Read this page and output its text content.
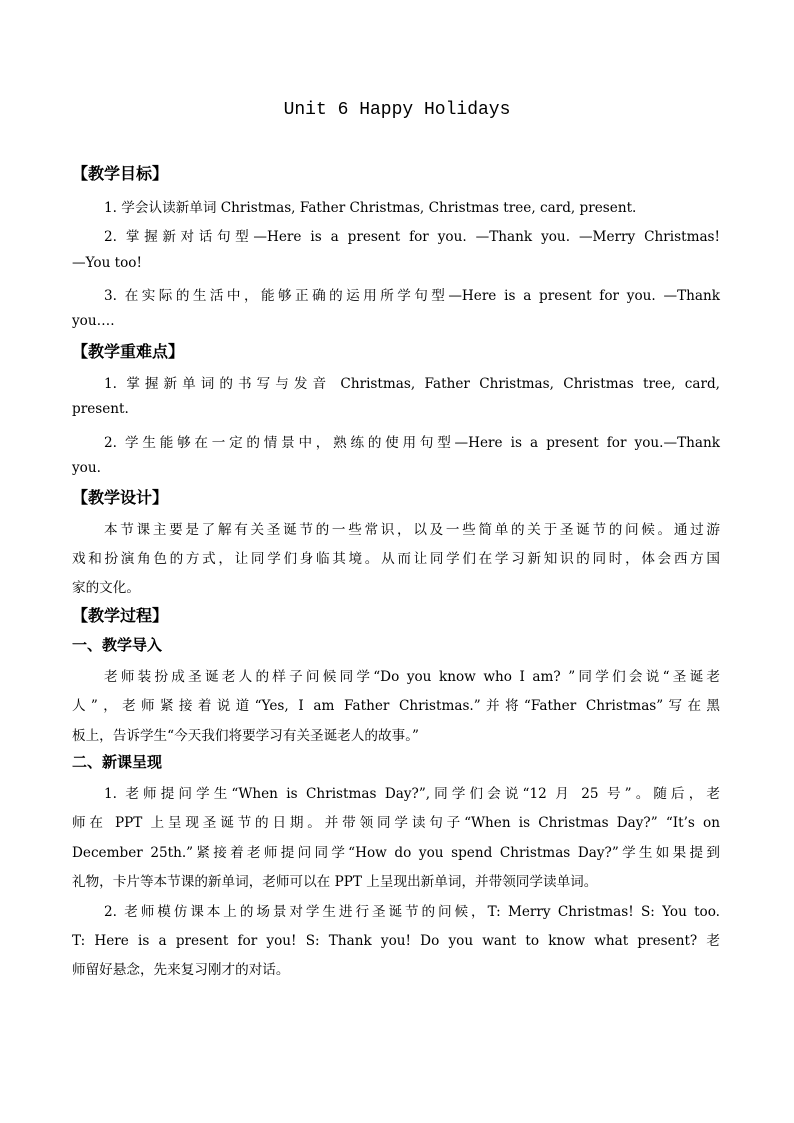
Unit 6 Happy Holidays
【教学目标】
1. 学会认读新单词 Christmas, Father Christmas, Christmas tree, card, present.
2. 掌握新对话句型—Here is a present for you. —Thank you. —Merry Christmas!
—You too!
3. 在实际的生活中，能够正确的运用所学句型—Here is a present for you. —Thank
you….
【教学重难点】
1. 掌握新单词的书写与发音 Christmas, Father Christmas, Christmas tree, card,
present.
2. 学生能够在一定的情景中，熟练的使用句型—Here is a present for you.—Thank
you.
【教学设计】
本节课主要是了解有关圣诞节的一些常识，以及一些简单的关于圣诞节的问候。通过游
戏和扮演角色的方式，让同学们身临其境。从而让同学们在学习新知识的同时，体会西方国
家的文化。
【教学过程】
一、教学导入
老师装扮成圣诞老人的样子问候同学“Do you know who I am? ”同学们会说“圣诞老
人”，老师紧接着说道“Yes, I am Father Christmas.”并将“Father Christmas”写在黑
板上，告诉学生“今天我们将要学习有关圣诞老人的故事。”
二、新课呈现
1. 老师提问学生“When is Christmas Day?”,同学们会说“12 月 25 号”。随后，老
师在 PPT 上呈现圣诞节的日期。并带领同学读句子“When is Christmas Day?” “It’s on
December 25th.”紧接着老师提问同学“How do you spend Christmas Day?”学生如果提到
礼物，卡片等本节课的新单词，老师可以在 PPT 上呈现出新单词，并带领同学读单词。
2. 老师模仿课本上的场景对学生进行圣诞节的问候，T: Merry Christmas! S: You too.
T: Here is a present for you! S: Thank you! Do you want to know what present? 老
师留好悬念，先来复习刚才的对话。
